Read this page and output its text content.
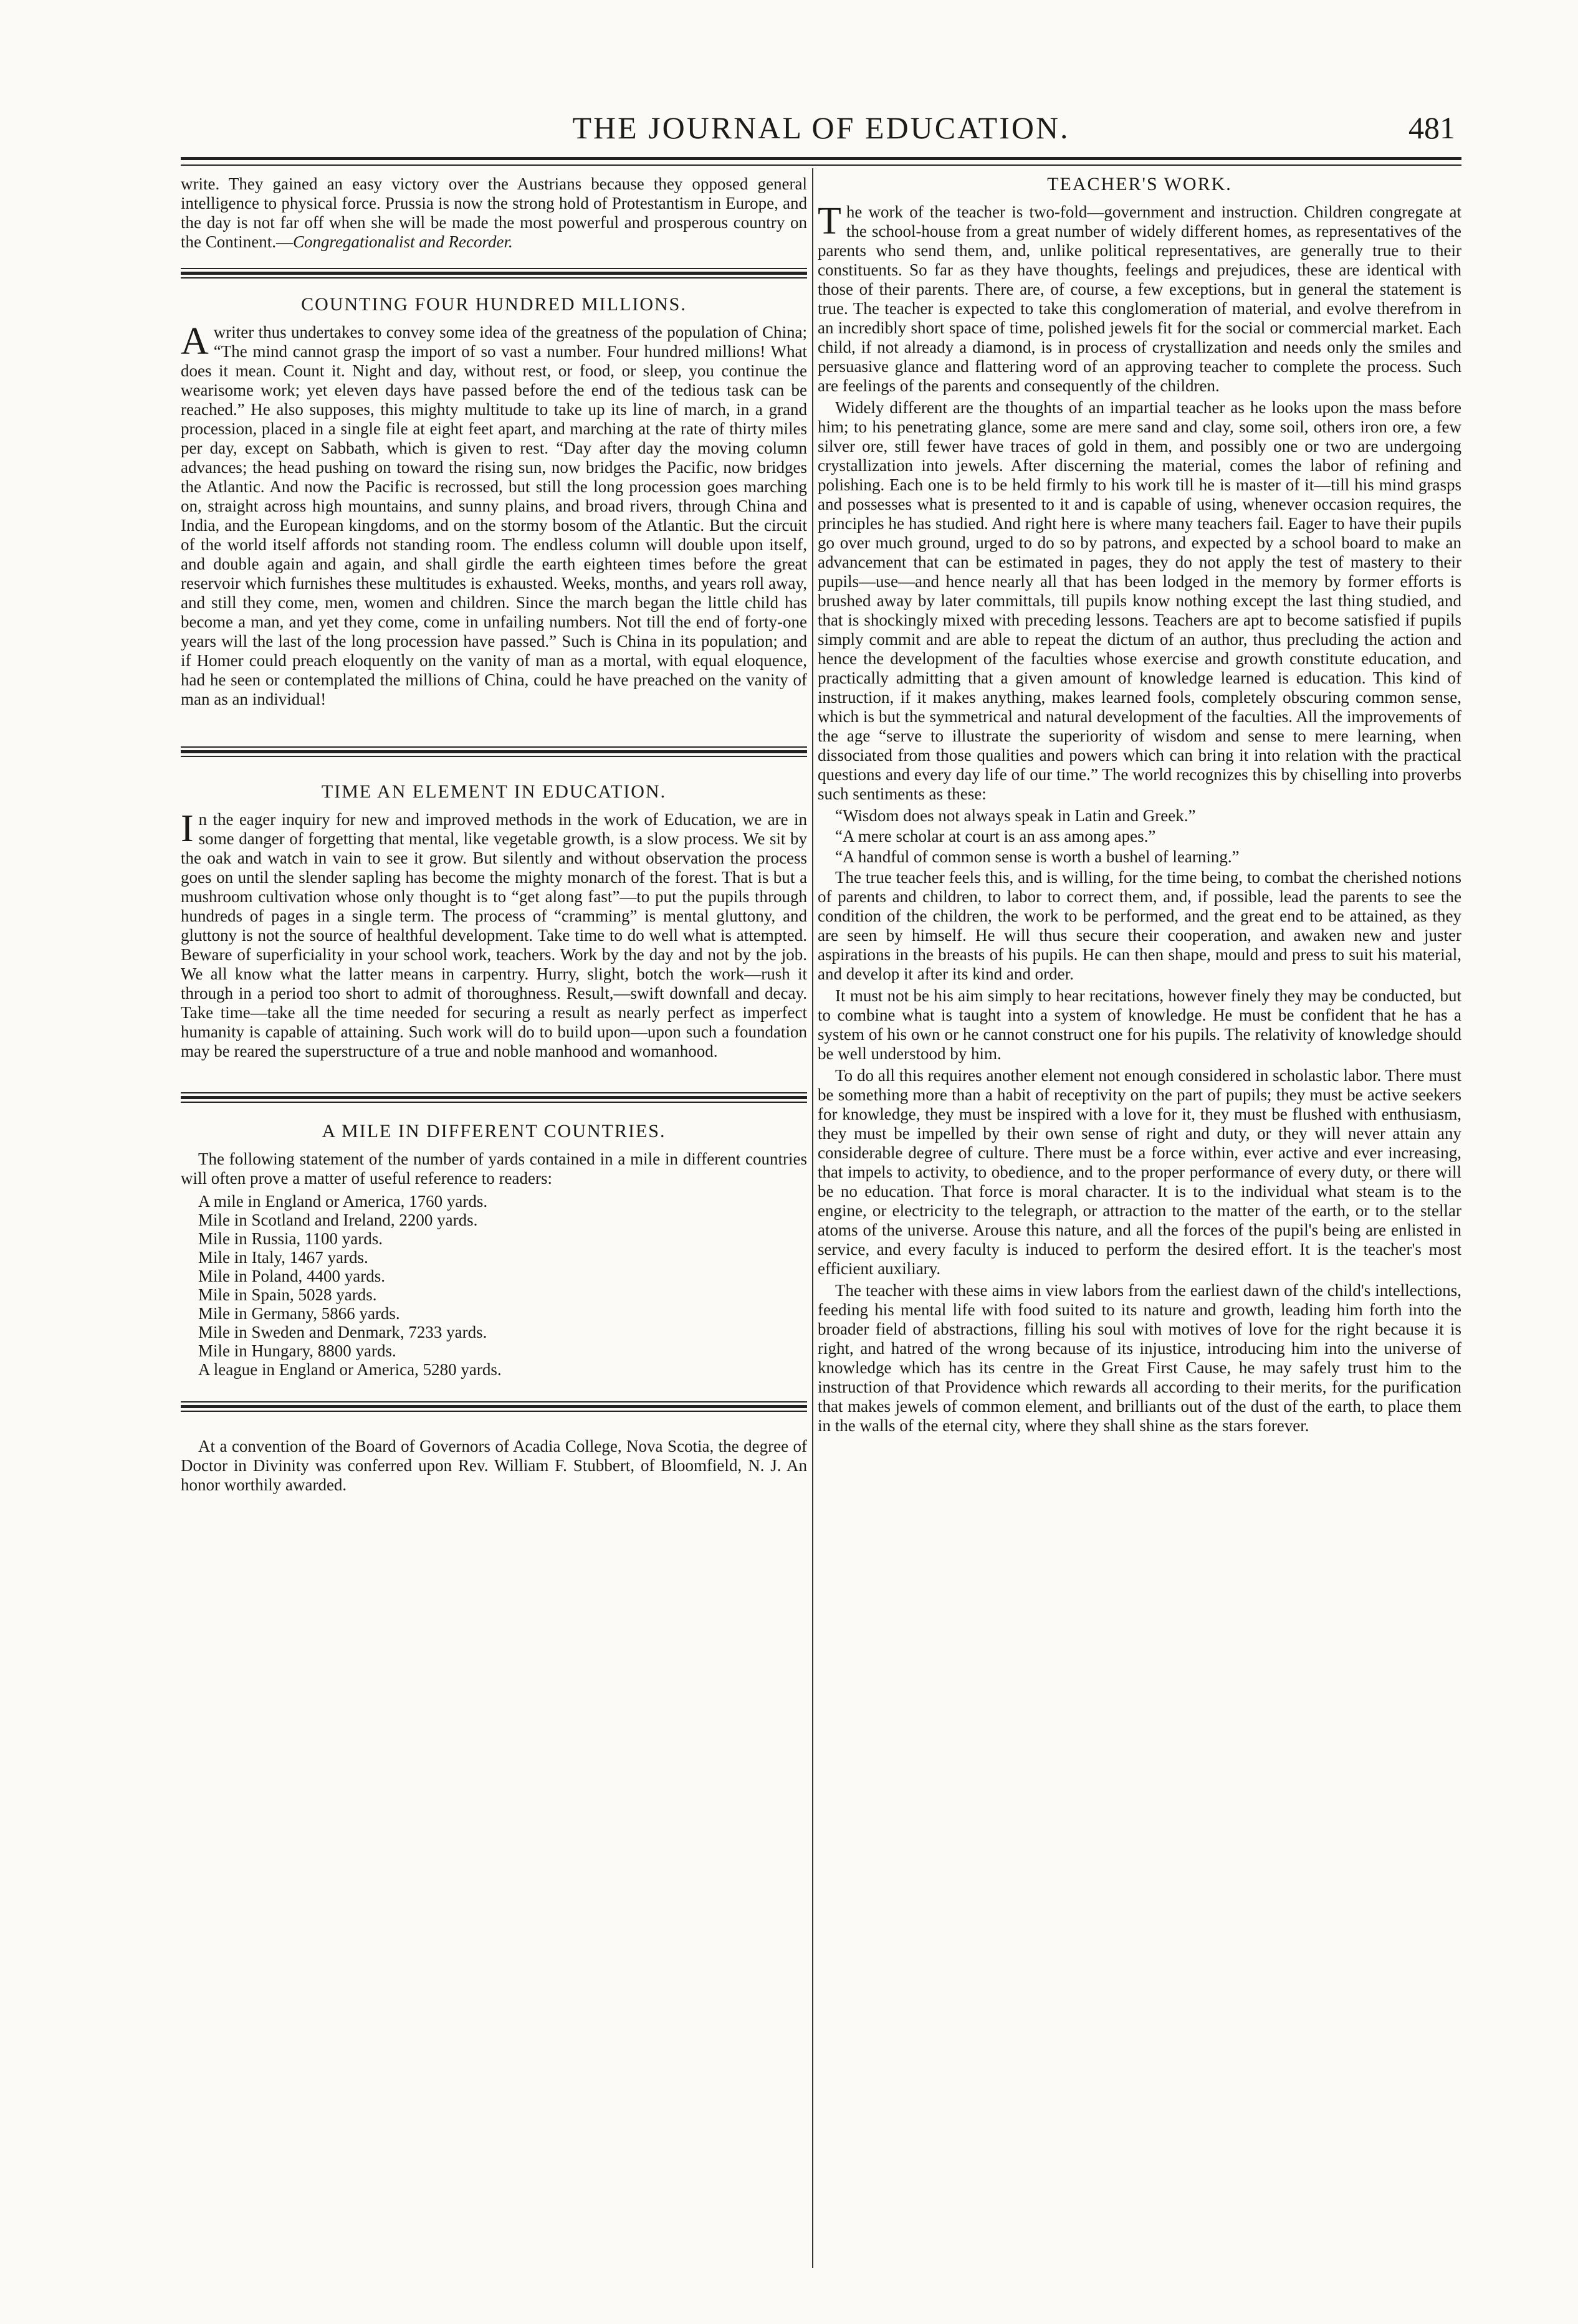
THE JOURNAL OF EDUCATION.	481

write. They gained an easy victory over the Austrians because they opposed general intelligence to physical force. Prussia is now the strong hold of Protestantism in Europe, and the day is not far off when she will be made the most powerful and prosperous country on the Continent.—Congregationalist and Recorder.

COUNTING FOUR HUNDRED MILLIONS.

Awriter thus undertakes to convey some idea of the greatness of the population of China; “The mind cannot grasp the import of so vast a number. Four hundred millions! What does it mean. Count it. Night and day, without rest, or food, or sleep, you continue the wearisome work; yet eleven days have passed before the end of the tedious task can be reached.” He also supposes, this mighty multitude to take up its line of march, in a grand procession, placed in a single file at eight feet apart, and marching at the rate of thirty miles per day, except on Sabbath, which is given to rest. “Day after day the moving column advances; the head pushing on toward the rising sun, now bridges the Pacific, now bridges the Atlantic. And now the Pacific is recrossed, but still the long procession goes marching on, straight across high mountains, and sunny plains, and broad rivers, through China and India, and the European kingdoms, and on the stormy bosom of the Atlantic. But the circuit of the world itself affords not standing room. The endless column will double upon itself, and double again and again, and shall girdle the earth eighteen times before the great reservoir which furnishes these multitudes is exhausted. Weeks, months, and years roll away, and still they come, men, women and children. Since the march began the little child has become a man, and yet they come, come in unfailing numbers. Not till the end of forty-one years will the last of the long procession have passed.” Such is China in its population; and if Homer could preach eloquently on the vanity of man as a mortal, with equal eloquence, had he seen or contemplated the millions of China, could he have preached on the vanity of man as an individual!

TIME AN ELEMENT IN EDUCATION.

In the eager inquiry for new and improved methods in the work of Education, we are in some danger of forgetting that mental, like vegetable growth, is a slow process. We sit by the oak and watch in vain to see it grow. But silently and without observation the process goes on until the slender sapling has become the mighty monarch of the forest. That is but a mushroom cultivation whose only thought is to “get along fast”—to put the pupils through hundreds of pages in a single term. The process of “cramming” is mental gluttony, and gluttony is not the source of healthful development. Take time to do well what is attempted. Beware of superficiality in your school work, teachers. Work by the day and not by the job. We all know what the latter means in carpentry. Hurry, slight, botch the work—rush it through in a period too short to admit of thoroughness. Result,—swift downfall and decay. Take time—take all the time needed for securing a result as nearly perfect as imperfect humanity is capable of attaining. Such work will do to build upon—upon such a foundation may be reared the superstructure of a true and noble manhood and womanhood.

A MILE IN DIFFERENT COUNTRIES.

The following statement of the number of yards contained in a mile in different countries will often prove a matter of useful reference to readers:

A mile in England or America, 1760 yards.
Mile in Scotland and Ireland, 2200 yards.
Mile in Russia, 1100 yards.
Mile in Italy, 1467 yards.
Mile in Poland, 4400 yards.
Mile in Spain, 5028 yards.
Mile in Germany, 5866 yards.
Mile in Sweden and Denmark, 7233 yards.
Mile in Hungary, 8800 yards.
A league in England or America, 5280 yards.

At a convention of the Board of Governors of Acadia College, Nova Scotia, the degree of Doctor in Divinity was conferred upon Rev. William F. Stubbert, of Bloomfield, N. J. An honor worthily awarded.

TEACHER'S WORK.

The work of the teacher is two-fold—government and instruction. Children congregate at the school-house from a great number of widely different homes, as representatives of the parents who send them, and, unlike political representatives, are generally true to their constituents. So far as they have thoughts, feelings and prejudices, these are identical with those of their parents. There are, of course, a few exceptions, but in general the statement is true. The teacher is expected to take this conglomeration of material, and evolve therefrom in an incredibly short space of time, polished jewels fit for the social or commercial market. Each child, if not already a diamond, is in process of crystallization and needs only the smiles and persuasive glance and flattering word of an approving teacher to complete the process. Such are feelings of the parents and consequently of the children.

Widely different are the thoughts of an impartial teacher as he looks upon the mass before him; to his penetrating glance, some are mere sand and clay, some soil, others iron ore, a few silver ore, still fewer have traces of gold in them, and possibly one or two are undergoing crystallization into jewels. After discerning the material, comes the labor of refining and polishing. Each one is to be held firmly to his work till he is master of it—till his mind grasps and possesses what is presented to it and is capable of using, whenever occasion requires, the principles he has studied. And right here is where many teachers fail. Eager to have their pupils go over much ground, urged to do so by patrons, and expected by a school board to make an advancement that can be estimated in pages, they do not apply the test of mastery to their pupils—use—and hence nearly all that has been lodged in the memory by former efforts is brushed away by later committals, till pupils know nothing except the last thing studied, and that is shockingly mixed with preceding lessons. Teachers are apt to become satisfied if pupils simply commit and are able to repeat the dictum of an author, thus precluding the action and hence the development of the faculties whose exercise and growth constitute education, and practically admitting that a given amount of knowledge learned is education. This kind of instruction, if it makes anything, makes learned fools, completely obscuring common sense, which is but the symmetrical and natural development of the faculties. All the improvements of the age “serve to illustrate the superiority of wisdom and sense to mere learning, when dissociated from those qualities and powers which can bring it into relation with the practical questions and every day life of our time.” The world recognizes this by chiselling into proverbs such sentiments as these:

“Wisdom does not always speak in Latin and Greek.”

“A mere scholar at court is an ass among apes.”

“A handful of common sense is worth a bushel of learning.”

The true teacher feels this, and is willing, for the time being, to combat the cherished notions of parents and children, to labor to correct them, and, if possible, lead the parents to see the condition of the children, the work to be performed, and the great end to be attained, as they are seen by himself. He will thus secure their cooperation, and awaken new and juster aspirations in the breasts of his pupils. He can then shape, mould and press to suit his material, and develop it after its kind and order.

It must not be his aim simply to hear recitations, however finely they may be conducted, but to combine what is taught into a system of knowledge. He must be confident that he has a system of his own or he cannot construct one for his pupils. The relativity of knowledge should be well understood by him.

To do all this requires another element not enough considered in scholastic labor. There must be something more than a habit of receptivity on the part of pupils; they must be active seekers for knowledge, they must be inspired with a love for it, they must be flushed with enthusiasm, they must be impelled by their own sense of right and duty, or they will never attain any considerable degree of culture. There must be a force within, ever active and ever increasing, that impels to activity, to obedience, and to the proper performance of every duty, or there will be no education. That force is moral character. It is to the individual what steam is to the engine, or electricity to the telegraph, or attraction to the matter of the earth, or to the stellar atoms of the universe. Arouse this nature, and all the forces of the pupil's being are enlisted in service, and every faculty is induced to perform the desired effort. It is the teacher's most efficient auxiliary.

The teacher with these aims in view labors from the earliest dawn of the child's intellections, feeding his mental life with food suited to its nature and growth, leading him forth into the broader field of abstractions, filling his soul with motives of love for the right because it is right, and hatred of the wrong because of its injustice, introducing him into the universe of knowledge which has its centre in the Great First Cause, he may safely trust him to the instruction of that Providence which rewards all according to their merits, for the purification that makes jewels of common element, and brilliants out of the dust of the earth, to place them in the walls of the eternal city, where they shall shine as the stars forever.
